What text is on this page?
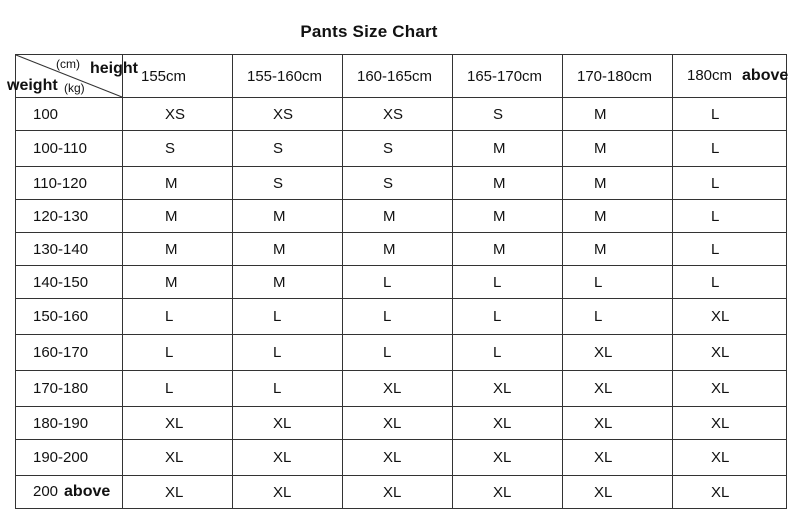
Pants Size Chart
(cm) height
weight (kg)	155cm	155-160cm	160-165cm	165-170cm	170-180cm	180cm above
100	XS	XS	XS	S	M	L
100-110	S	S	S	M	M	L
110-120	M	S	S	M	M	L
120-130	M	M	M	M	M	L
130-140	M	M	M	M	M	L
140-150	M	M	L	L	L	L
150-160	L	L	L	L	L	XL
160-170	L	L	L	L	XL	XL
170-180	L	L	XL	XL	XL	XL
180-190	XL	XL	XL	XL	XL	XL
190-200	XL	XL	XL	XL	XL	XL
200 above	XL	XL	XL	XL	XL	XL
